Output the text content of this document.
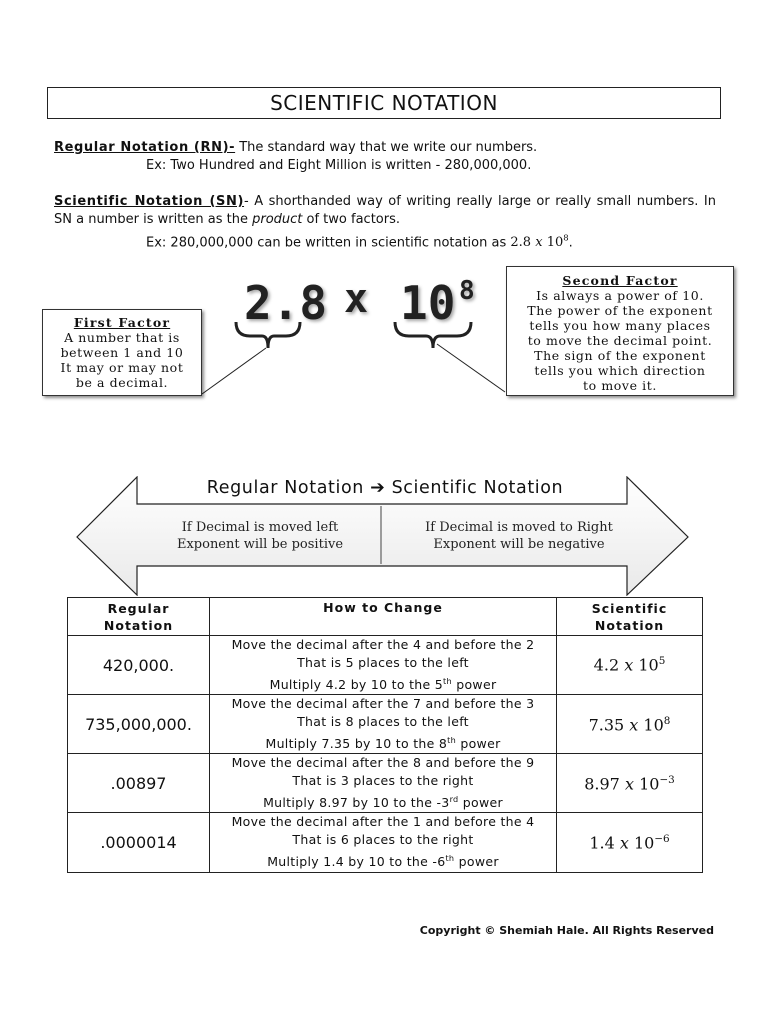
SCIENTIFIC NOTATION
Regular Notation (RN)- The standard way that we write our numbers.
Ex: Two Hundred and Eight Million is written - 280,000,000.
Scientific Notation (SN)- A shorthanded way of writing really large or really small numbers. In SN a number is written as the product of two factors.
Ex: 280,000,000 can be written in scientific notation as 2.8 x $10^8$.
2.8 x 10 8
First Factor
A number that is
between 1 and 10
It may or may not
be a decimal.
Second Factor
Is always a power of 10.
The power of the exponent
tells you how many places
to move the decimal point.
The sign of the exponent
tells you which direction
to move it.
Regular Notation ➔ Scientific Notation
If Decimal is moved left
Exponent will be positive
If Decimal is moved to Right
Exponent will be negative
Regular
Notation	How to Change	Scientific
Notation
420,000.	Move the decimal after the 4 and before the 2
That is 5 places to the left
Multiply 4.2 by 10 to the 5th power	4.2 x $10^5$
735,000,000.	Move the decimal after the 7 and before the 3
That is 8 places to the left
Multiply 7.35 by 10 to the 8th power	7.35 x $10^8$
.00897	Move the decimal after the 8 and before the 9
That is 3 places to the right
Multiply 8.97 by 10 to the -3rd power	8.97 x $10^{-3}$
.0000014	Move the decimal after the 1 and before the 4
That is 6 places to the right
Multiply 1.4 by 10 to the -6th power	1.4 x $10^{-6}$
Copyright © Shemiah Hale. All Rights Reserved
